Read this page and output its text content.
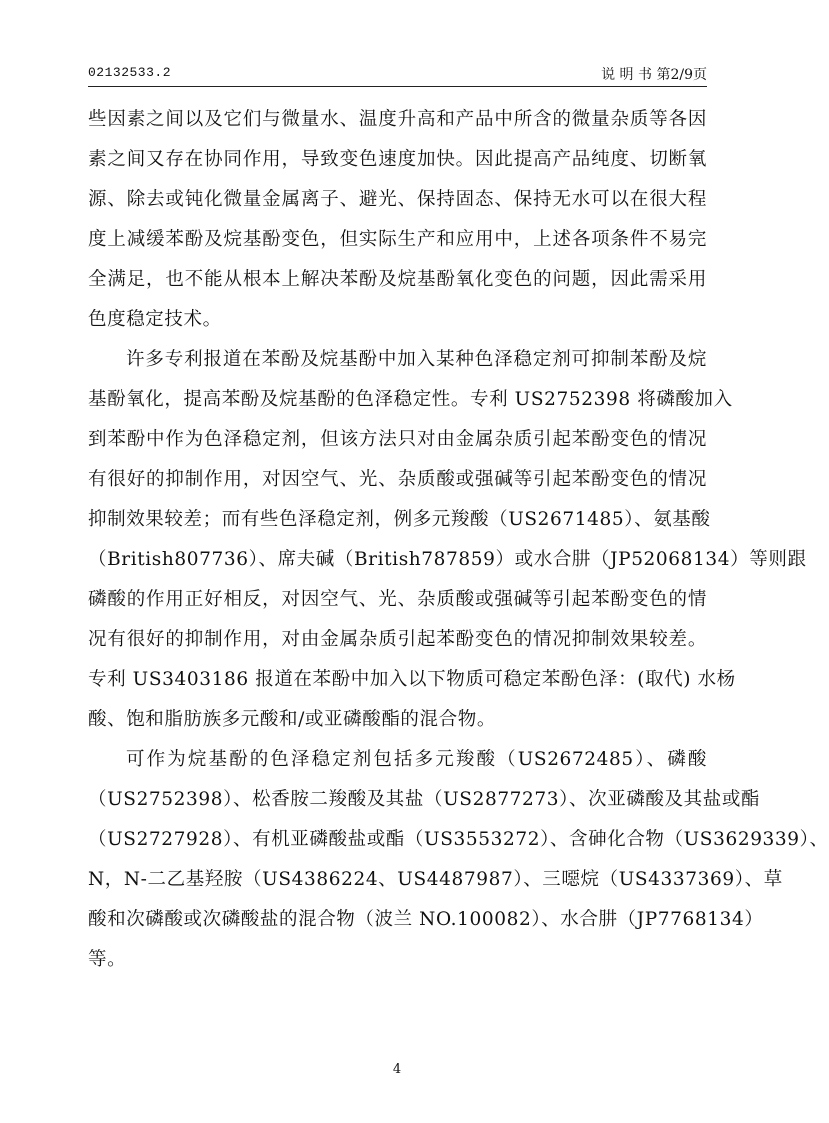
02132533.2	说 明 书 第2/9页
些因素之间以及它们与微量水、温度升高和产品中所含的微量杂质等各因
素之间又存在协同作用，导致变色速度加快。因此提高产品纯度、切断氧
源、除去或钝化微量金属离子、避光、保持固态、保持无水可以在很大程
度上减缓苯酚及烷基酚变色，但实际生产和应用中，上述各项条件不易完
全满足，也不能从根本上解决苯酚及烷基酚氧化变色的问题，因此需采用
色度稳定技术。
许多专利报道在苯酚及烷基酚中加入某种色泽稳定剂可抑制苯酚及烷
基酚氧化，提高苯酚及烷基酚的色泽稳定性。专利 US2752398 将磷酸加入
到苯酚中作为色泽稳定剂，但该方法只对由金属杂质引起苯酚变色的情况
有很好的抑制作用，对因空气、光、杂质酸或强碱等引起苯酚变色的情况
抑制效果较差；而有些色泽稳定剂，例多元羧酸（US2671485）、氨基酸
（British807736）、席夫碱（British787859）或水合肼（JP52068134）等则跟
磷酸的作用正好相反，对因空气、光、杂质酸或强碱等引起苯酚变色的情
况有很好的抑制作用，对由金属杂质引起苯酚变色的情况抑制效果较差。
专利 US3403186 报道在苯酚中加入以下物质可稳定苯酚色泽：(取代) 水杨
酸、饱和脂肪族多元酸和/或亚磷酸酯的混合物。
可作为烷基酚的色泽稳定剂包括多元羧酸（US2672485）、磷酸
（US2752398）、松香胺二羧酸及其盐（US2877273）、次亚磷酸及其盐或酯
（US2727928）、有机亚磷酸盐或酯（US3553272）、含砷化合物（US3629339）、
N，N-二乙基羟胺（US4386224、US4487987）、三噁烷（US4337369）、草
酸和次磷酸或次磷酸盐的混合物（波兰 NO.100082）、水合肼（JP7768134）
等。
4
